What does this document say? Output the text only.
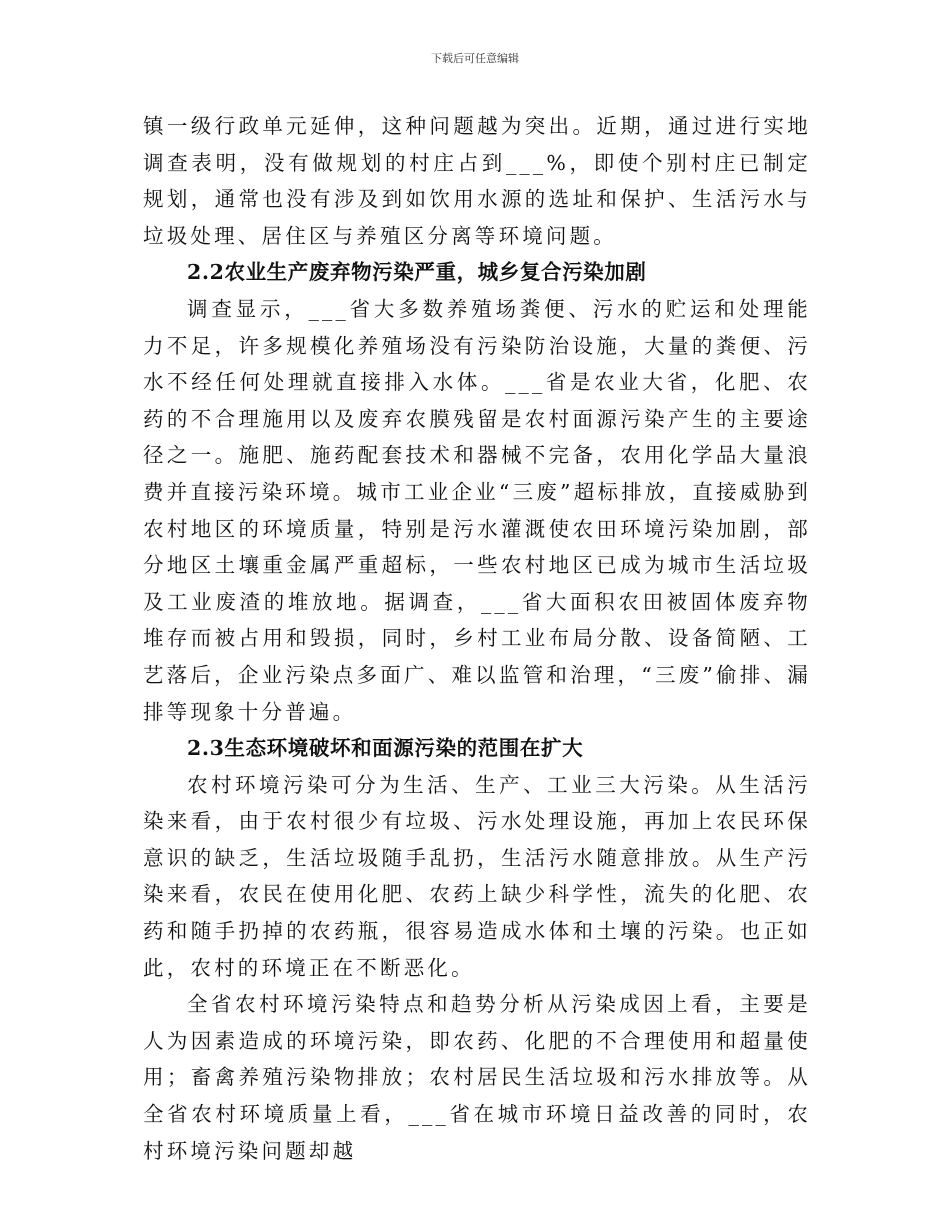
下载后可任意编辑

镇一级行政单元延伸，这种问题越为突出。近期，通过进行实地调查表明，没有做规划的村庄占到___%，即使个别村庄已制定规划，通常也没有涉及到如饮用水源的选址和保护、生活污水与垃圾处理、居住区与养殖区分离等环境问题。

2.2农业生产废弃物污染严重，城乡复合污染加剧

调查显示，___省大多数养殖场粪便、污水的贮运和处理能力不足，许多规模化养殖场没有污染防治设施，大量的粪便、污水不经任何处理就直接排入水体。___省是农业大省，化肥、农药的不合理施用以及废弃农膜残留是农村面源污染产生的主要途径之一。施肥、施药配套技术和器械不完备，农用化学品大量浪费并直接污染环境。城市工业企业“三废”超标排放，直接威胁到农村地区的环境质量，特别是污水灌溉使农田环境污染加剧，部分地区土壤重金属严重超标，一些农村地区已成为城市生活垃圾及工业废渣的堆放地。据调查，___省大面积农田被固体废弃物堆存而被占用和毁损，同时，乡村工业布局分散、设备简陋、工艺落后，企业污染点多面广、难以监管和治理，“三废”偷排、漏排等现象十分普遍。

2.3生态环境破坏和面源污染的范围在扩大

农村环境污染可分为生活、生产、工业三大污染。从生活污染来看，由于农村很少有垃圾、污水处理设施，再加上农民环保意识的缺乏，生活垃圾随手乱扔，生活污水随意排放。从生产污染来看，农民在使用化肥、农药上缺少科学性，流失的化肥、农药和随手扔掉的农药瓶，很容易造成水体和土壤的污染。也正如此，农村的环境正在不断恶化。

全省农村环境污染特点和趋势分析从污染成因上看，主要是人为因素造成的环境污染，即农药、化肥的不合理使用和超量使用；畜禽养殖污染物排放；农村居民生活垃圾和污水排放等。从全省农村环境质量上看，___省在城市环境日益改善的同时，农村环境污染问题却越
